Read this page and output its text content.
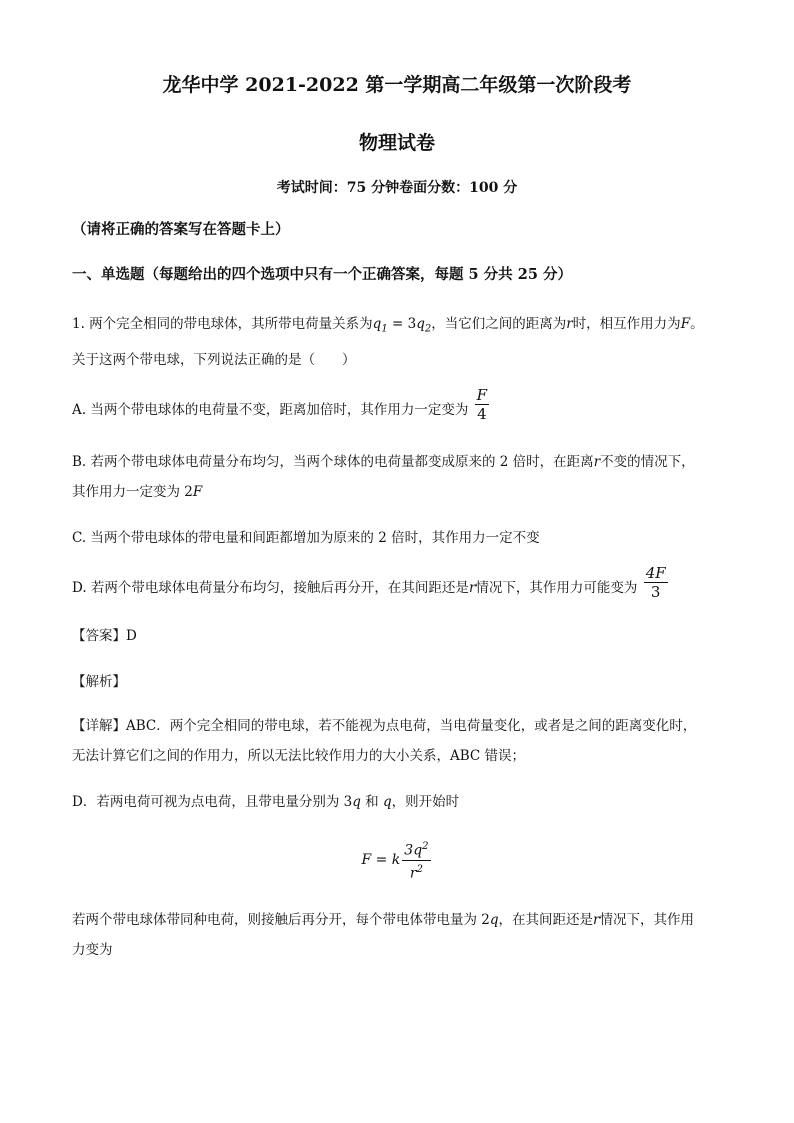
龙华中学 2021-2022 第一学期高二年级第一次阶段考
物理试卷
考试时间：75 分钟卷面分数：100 分
（请将正确的答案写在答题卡上）
一、单选题（每题给出的四个选项中只有一个正确答案，每题 5 分共 25 分）
1. 两个完全相同的带电球体，其所带电荷量关系为$q_1 = 3q_2$，当它们之间的距离为r时，相互作用力为F。
关于这两个带电球，下列说法正确的是（　　）
A. 当两个带电球体的电荷量不变，距离加倍时，其作用力一定变为 $\frac{F}{4}$
B. 若两个带电球体电荷量分布均匀，当两个球体的电荷量都变成原来的 2 倍时，在距离r不变的情况下，
其作用力一定变为 2F
C. 当两个带电球体的带电量和间距都增加为原来的 2 倍时，其作用力一定不变
D. 若两个带电球体电荷量分布均匀，接触后再分开，在其间距还是r情况下，其作用力可能变为 $\frac{4F}{3}$
【答案】D
【解析】
【详解】ABC．两个完全相同的带电球，若不能视为点电荷，当电荷量变化，或者是之间的距离变化时，
无法计算它们之间的作用力，所以无法比较作用力的大小关系，ABC 错误；
D．若两电荷可视为点电荷，且带电量分别为 3q 和 q，则开始时
F = k $\frac{3q^2}{r^2}$
若两个带电球体带同种电荷，则接触后再分开，每个带电体带电量为 2q，在其间距还是r情况下，其作用
力变为
